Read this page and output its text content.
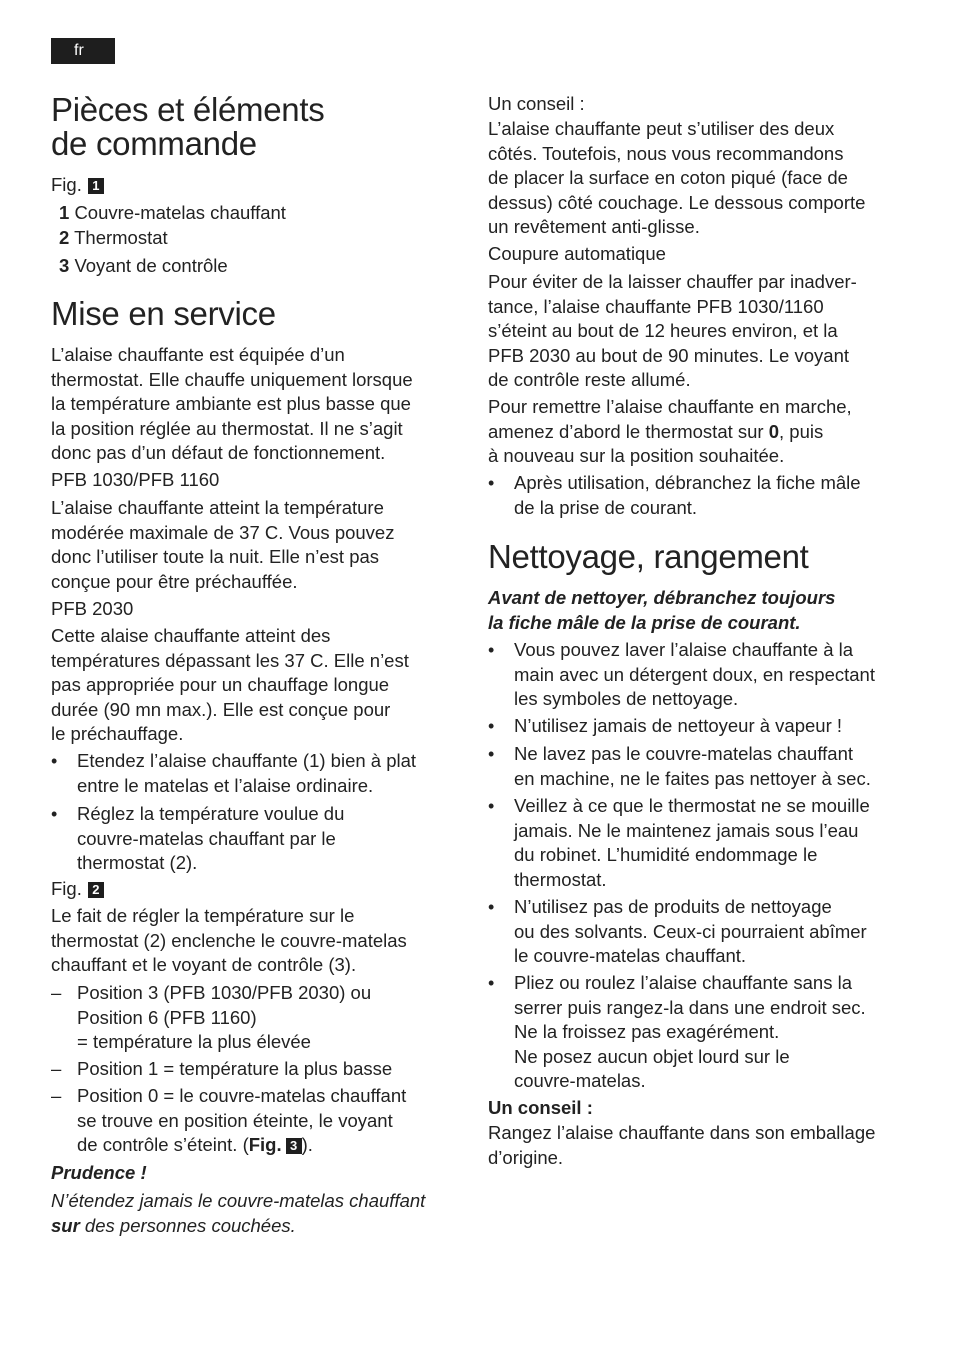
fr
Pièces et éléments
de commande
Fig. 1
1 Couvre-matelas chauffant
2 Thermostat
3 Voyant de contrôle
Mise en service
L’alaise chauffante est équipée d’un
thermostat. Elle chauffe uniquement lorsque
la température ambiante est plus basse que
la position réglée au thermostat. Il ne s’agit
donc pas d’un défaut de fonctionnement.
PFB 1030/PFB 1160
L’alaise chauffante atteint la température
modérée maximale de 37 C. Vous pouvez
donc l’utiliser toute la nuit. Elle n’est pas
conçue pour être préchauffée.
PFB 2030
Cette alaise chauffante atteint des
températures dépassant les 37 C. Elle n’est
pas appropriée pour un chauffage longue
durée (90 mn max.). Elle est conçue pour
le préchauffage.
• Etendez l’alaise chauffante (1) bien à plat
entre le matelas et l’alaise ordinaire.
• Réglez la température voulue du
couvre-matelas chauffant par le
thermostat (2).
Fig. 2
Le fait de régler la température sur le
thermostat (2) enclenche le couvre-matelas
chauffant et le voyant de contrôle (3).
– Position 3 (PFB 1030/PFB 2030) ou
Position 6 (PFB 1160)
= température la plus élevée
– Position 1 = température la plus basse
– Position 0 = le couvre-matelas chauffant
se trouve en position éteinte, le voyant
de contrôle s’éteint. (Fig. 3 ).
Prudence !
N’étendez jamais le couvre-matelas chauffant
sur des personnes couchées.
Un conseil :
L’alaise chauffante peut s’utiliser des deux
côtés. Toutefois, nous vous recommandons
de placer la surface en coton piqué (face de
dessus) côté couchage. Le dessous comporte
un revêtement anti-glisse.
Coupure automatique
Pour éviter de la laisser chauffer par inadver-
tance, l’alaise chauffante PFB 1030/1160
s’éteint au bout de 12 heures environ, et la
PFB 2030 au bout de 90 minutes. Le voyant
de contrôle reste allumé.
Pour remettre l’alaise chauffante en marche,
amenez d’abord le thermostat sur 0, puis
à nouveau sur la position souhaitée.
• Après utilisation, débranchez la fiche mâle
de la prise de courant.
Nettoyage, rangement
Avant de nettoyer, débranchez toujours
la fiche mâle de la prise de courant.
• Vous pouvez laver l’alaise chauffante à la
main avec un détergent doux, en respectant
les symboles de nettoyage.
• N’utilisez jamais de nettoyeur à vapeur !
• Ne lavez pas le couvre-matelas chauffant
en machine, ne le faites pas nettoyer à sec.
• Veillez à ce que le thermostat ne se mouille
jamais. Ne le maintenez jamais sous l’eau
du robinet. L’humidité endommage le
thermostat.
• N’utilisez pas de produits de nettoyage
ou des solvants. Ceux-ci pourraient abîmer
le couvre-matelas chauffant.
• Pliez ou roulez l’alaise chauffante sans la
serrer puis rangez-la dans une endroit sec.
Ne la froissez pas exagérément.
Ne posez aucun objet lourd sur le
couvre-matelas.
Un conseil :
Rangez l’alaise chauffante dans son emballage
d’origine.
